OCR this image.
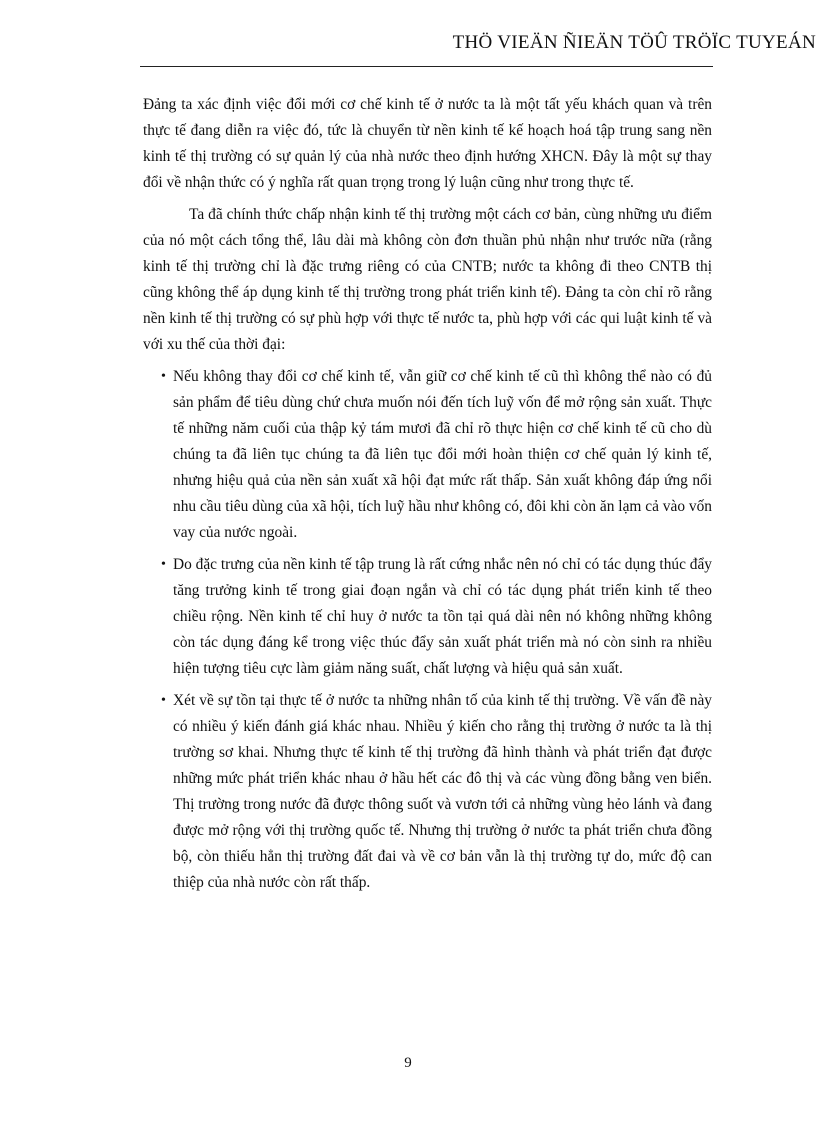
THÖ VIEÄN ÑIEÄN TÖÛ TRÖÏC TUYEÁN

Đảng ta xác định việc đổi mới cơ chế kinh tế ở nước ta là một tất yếu khách quan và trên thực tế đang diễn ra việc đó, tức là chuyển từ nền kinh tế kế hoạch hoá tập trung sang nền kinh tế thị trường có sự quản lý của nhà nước theo định hướng XHCN. Đây là một sự thay đổi về nhận thức có ý nghĩa rất quan trọng trong lý luận cũng như trong thực tế.

Ta đã chính thức chấp nhận kinh tế thị trường một cách cơ bản, cùng những ưu điểm của nó một cách tổng thể, lâu dài mà không còn đơn thuần phủ nhận như trước nữa (rằng kinh tế thị trường chỉ là đặc trưng riêng có của CNTB; nước ta không đi theo CNTB thị cũng không thể áp dụng kinh tế thị trường trong phát triển kinh tế). Đảng ta còn chỉ rõ rằng nền kinh tế thị trường có sự phù hợp với thực tế nước ta, phù hợp với các qui luật kinh tế và với xu thế của thời đại:

• Nếu không thay đổi cơ chế kinh tế, vẫn giữ cơ chế kinh tế cũ thì không thể nào có đủ sản phẩm để tiêu dùng chứ chưa muốn nói đến tích luỹ vốn để mở rộng sản xuất. Thực tế những năm cuối của thập kỷ tám mươi đã chỉ rõ thực hiện cơ chế kinh tế cũ cho dù chúng ta đã liên tục chúng ta đã liên tục đổi mới hoàn thiện cơ chế quản lý kinh tế, nhưng hiệu quả của nền sản xuất xã hội đạt mức rất thấp. Sản xuất không đáp ứng nổi nhu cầu tiêu dùng của xã hội, tích luỹ hầu như không có, đôi khi còn ăn lạm cả vào vốn vay của nước ngoài.
• Do đặc trưng của nền kinh tế tập trung là rất cứng nhắc nên nó chỉ có tác dụng thúc đẩy tăng trưởng kinh tế trong giai đoạn ngắn và chỉ có tác dụng phát triển kinh tế theo chiều rộng. Nền kinh tế chỉ huy ở nước ta tồn tại quá dài nên nó không những không còn tác dụng đáng kể trong việc thúc đẩy sản xuất phát triển mà nó còn sinh ra nhiều hiện tượng tiêu cực làm giảm năng suất, chất lượng và hiệu quả sản xuất.
• Xét về sự tồn tại thực tế ở nước ta những nhân tố của kinh tế thị trường. Về vấn đề này có nhiều ý kiến đánh giá khác nhau. Nhiều ý kiến cho rằng thị trường ở nước ta là thị trường sơ khai. Nhưng thực tế kinh tế thị trường đã hình thành và phát triển đạt được những mức phát triển khác nhau ở hầu hết các đô thị và các vùng đồng bằng ven biển. Thị trường trong nước đã được thông suốt và vươn tới cả những vùng hẻo lánh và đang được mở rộng với thị trường quốc tế. Nhưng thị trường ở nước ta phát triển chưa đồng bộ, còn thiếu hẳn thị trường đất đai và về cơ bản vẫn là thị trường tự do, mức độ can thiệp của nhà nước còn rất thấp.
9
